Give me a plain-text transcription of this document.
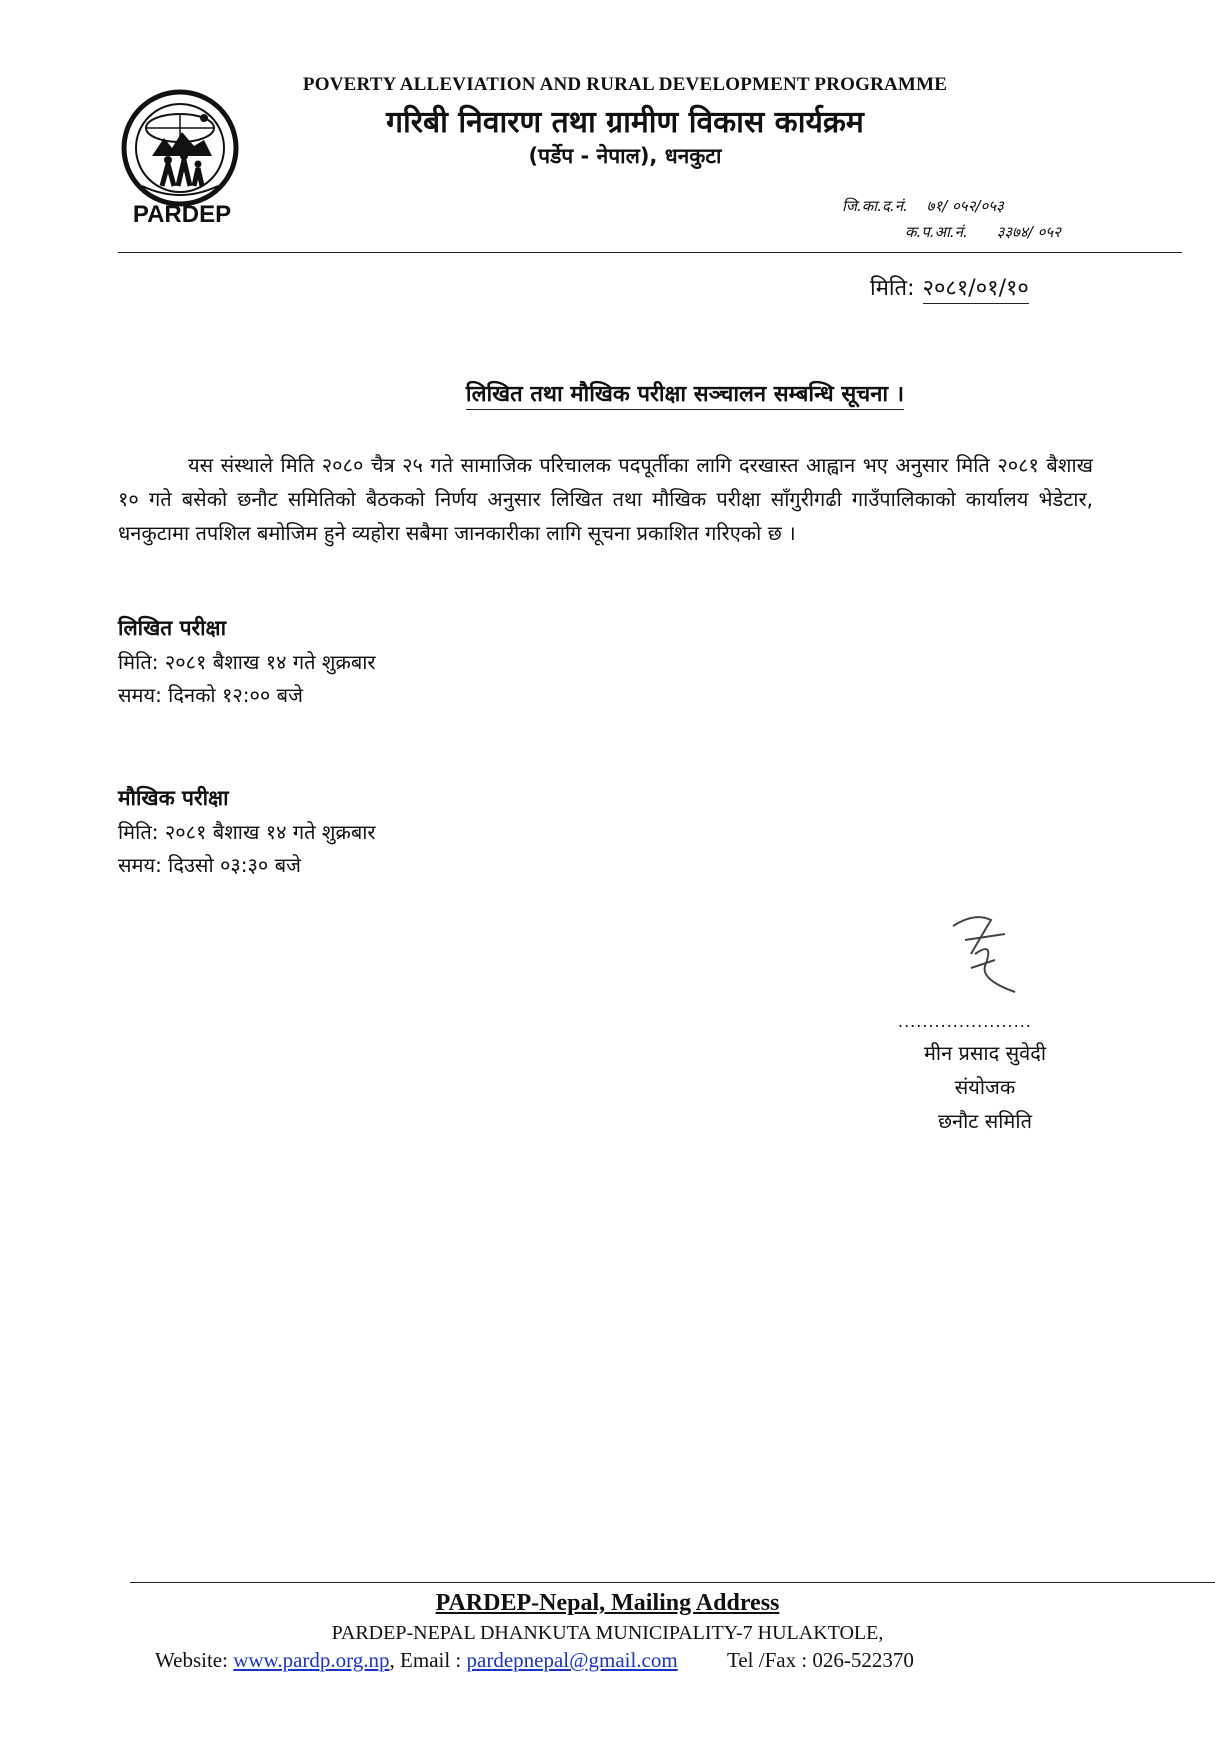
PARDEP
POVERTY ALLEVIATION AND RURAL DEVELOPMENT PROGRAMME
गरिबी निवारण तथा ग्रामीण विकास कार्यक्रम
(पर्डेप - नेपाल), धनकुटा
जि.का.द.नं. ७१/ ०५२/०५३
क.प.आ.नं. ३३७४/ ०५२
मिति: २०८१/०१/१०
लिखित तथा मौखिक परीक्षा सञ्चालन सम्बन्धि सूचना ।
यस संस्थाले मिति २०८० चैत्र २५ गते सामाजिक परिचालक पदपूर्तीका लागि दरखास्त आह्वान भए अनुसार मिति २०८१ बैशाख १० गते बसेको छनौट समितिको बैठकको निर्णय अनुसार लिखित तथा मौखिक परीक्षा साँगुरीगढी गाउँपालिकाको कार्यालय भेडेटार, धनकुटामा तपशिल बमोजिम हुने व्यहोरा सबैमा जानकारीका लागि सूचना प्रकाशित गरिएको छ ।
लिखित परीक्षा
मिति: २०८१ बैशाख १४ गते शुक्रबार
समय: दिनको १२:०० बजे
मौखिक परीक्षा
मिति: २०८१ बैशाख १४ गते शुक्रबार
समय: दिउसो ०३:३० बजे
......................
मीन प्रसाद सुवेदी
संयोजक
छनौट समिति
PARDEP-Nepal, Mailing Address
PARDEP-NEPAL DHANKUTA MUNICIPALITY-7 HULAKTOLE,
Website: www.pardp.org.np, Email : pardepnepal@gmail.com Tel /Fax : 026-522370
